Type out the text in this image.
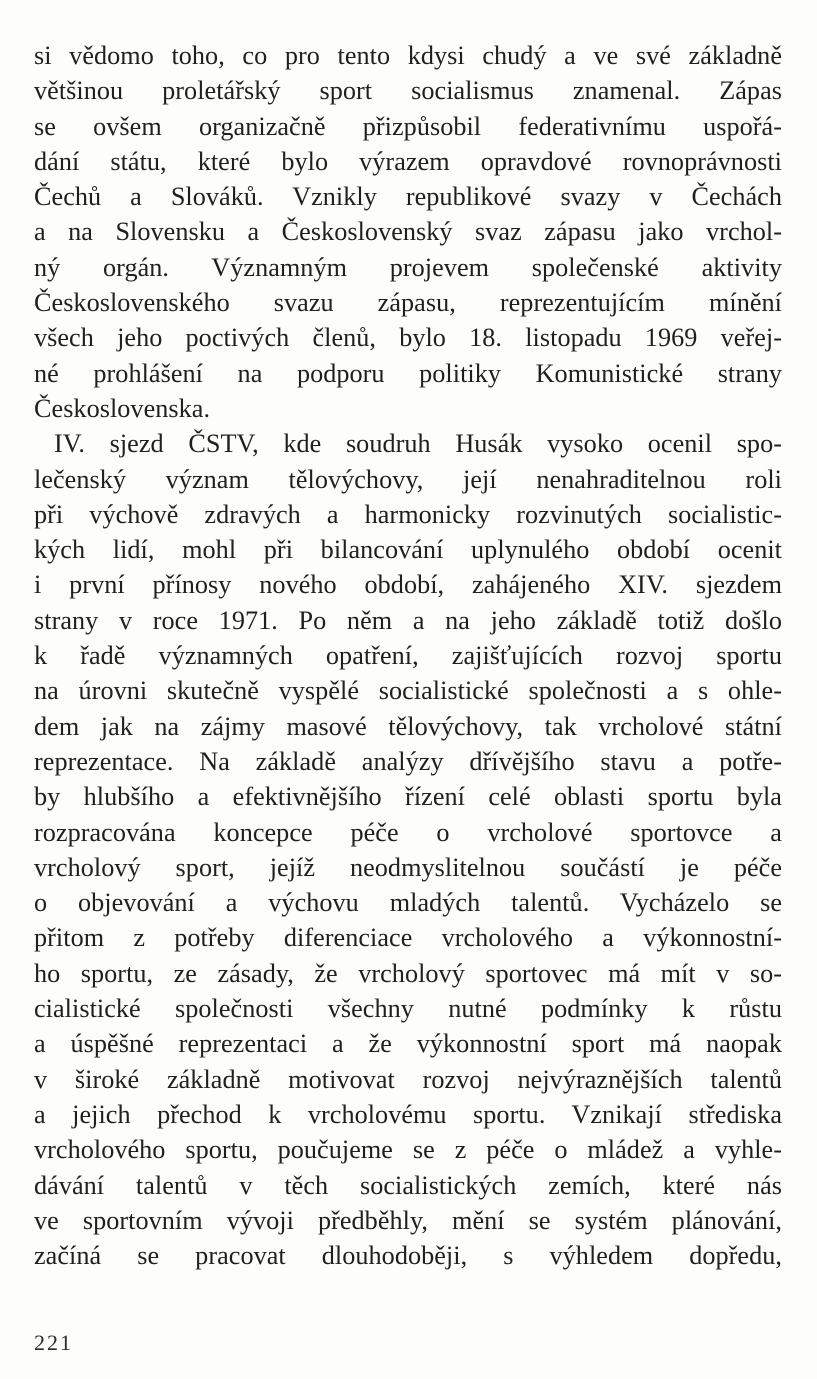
si vědomo toho, co pro tento kdysi chudý a ve své základně
většinou proletářský sport socialismus znamenal. Zápas
se ovšem organizačně přizpůsobil federativnímu uspořá-
dání státu, které bylo výrazem opravdové rovnoprávnosti
Čechů a Slováků. Vznikly republikové svazy v Čechách
a na Slovensku a Československý svaz zápasu jako vrchol-
ný orgán. Významným projevem společenské aktivity
Československého svazu zápasu, reprezentujícím mínění
všech jeho poctivých členů, bylo 18. listopadu 1969 veřej-
né prohlášení na podporu politiky Komunistické strany
Československa.
IV. sjezd ČSTV, kde soudruh Husák vysoko ocenil spo-
lečenský význam tělovýchovy, její nenahraditelnou roli
při výchově zdravých a harmonicky rozvinutých socialistic-
kých lidí, mohl při bilancování uplynulého období ocenit
i první přínosy nového období, zahájeného XIV. sjezdem
strany v roce 1971. Po něm a na jeho základě totiž došlo
k řadě významných opatření, zajišťujících rozvoj sportu
na úrovni skutečně vyspělé socialistické společnosti a s ohle-
dem jak na zájmy masové tělovýchovy, tak vrcholové státní
reprezentace. Na základě analýzy dřívějšího stavu a potře-
by hlubšího a efektivnějšího řízení celé oblasti sportu byla
rozpracována koncepce péče o vrcholové sportovce a
vrcholový sport, jejíž neodmyslitelnou součástí je péče
o objevování a výchovu mladých talentů. Vycházelo se
přitom z potřeby diferenciace vrcholového a výkonnostní-
ho sportu, ze zásady, že vrcholový sportovec má mít v so-
cialistické společnosti všechny nutné podmínky k růstu
a úspěšné reprezentaci a že výkonnostní sport má naopak
v široké základně motivovat rozvoj nejvýraznějších talentů
a jejich přechod k vrcholovému sportu. Vznikají střediska
vrcholového sportu, poučujeme se z péče o mládež a vyhle-
dávání talentů v těch socialistických zemích, které nás
ve sportovním vývoji předběhly, mění se systém plánování,
začíná se pracovat dlouhodoběji, s výhledem dopředu,
221
